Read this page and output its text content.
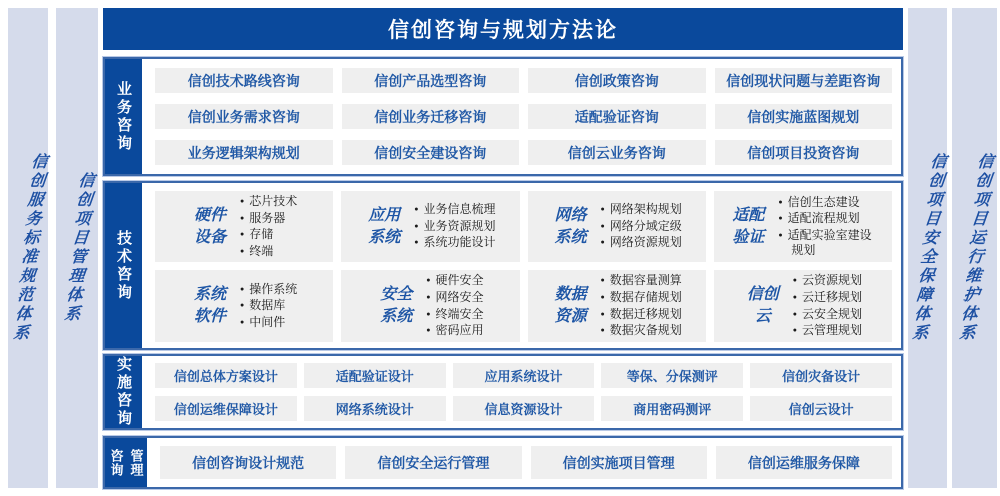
信创服务标准规范体系 信创项目管理体系	信创项目安全保障体系 信创项目运行维护体系
信创咨询与规划方法论
业务咨询	信创技术路线咨询	信创产品选型咨询	信创政策咨询	信创现状问题与差距咨询
信创业务需求咨询	信创业务迁移咨询	适配验证咨询	信创实施蓝图规划
业务逻辑架构规划	信创安全建设咨询	信创云业务咨询	信创项目投资咨询
技术咨询
硬件设备
● 芯片技术
● 服务器
● 存储
● 终端
应用系统
● 业务信息梳理
● 业务资源规划
● 系统功能设计
网络系统
● 网络架构规划
● 网络分域定级
● 网络资源规划
适配验证
● 信创生态建设
● 适配流程规划
● 适配实验室建设规划
系统软件
● 操作系统
● 数据库
● 中间件
安全系统
● 硬件安全
● 网络安全
● 终端安全
● 密码应用
数据资源
● 数据容量测算
● 数据存储规划
● 数据迁移规划
● 数据灾备规划
信创云
● 云资源规划
● 云迁移规划
● 云安全规划
● 云管理规划
实施咨询	信创总体方案设计	适配验证设计	应用系统设计	等保、分保测评	信创灾备设计
信创运维保障设计	网络系统设计	信息资源设计	商用密码测评	信创云设计
咨询 管理	信创咨询设计规范	信创安全运行管理	信创实施项目管理	信创运维服务保障
